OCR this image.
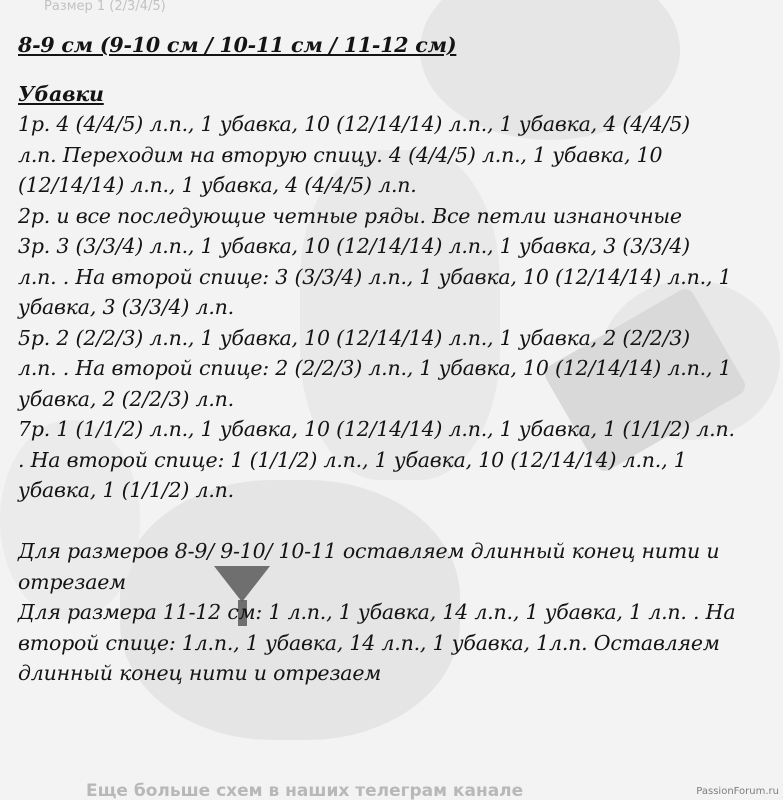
Размер 1 (2/3/4/5)
8-9 см (9-10 см / 10-11 см / 11-12 см)
Убавки
1р. 4 (4/4/5) л.п., 1 убавка, 10 (12/14/14) л.п., 1 убавка, 4 (4/4/5)
л.п. Переходим на вторую спицу. 4 (4/4/5) л.п., 1 убавка, 10
(12/14/14) л.п., 1 убавка, 4 (4/4/5) л.п.
2р. и все последующие четные ряды. Все петли изнаночные
3р. 3 (3/3/4) л.п., 1 убавка, 10 (12/14/14) л.п., 1 убавка, 3 (3/3/4)
л.п. . На второй спице: 3 (3/3/4) л.п., 1 убавка, 10 (12/14/14) л.п., 1
убавка, 3 (3/3/4) л.п.
5р. 2 (2/2/3) л.п., 1 убавка, 10 (12/14/14) л.п., 1 убавка, 2 (2/2/3)
л.п. . На второй спице: 2 (2/2/3) л.п., 1 убавка, 10 (12/14/14) л.п., 1
убавка, 2 (2/2/3) л.п.
7р. 1 (1/1/2) л.п., 1 убавка, 10 (12/14/14) л.п., 1 убавка, 1 (1/1/2) л.п.
. На второй спице: 1 (1/1/2) л.п., 1 убавка, 10 (12/14/14) л.п., 1
убавка, 1 (1/1/2) л.п.
Для размеров 8-9/ 9-10/ 10-11 оставляем длинный конец нити и
отрезаем
Для размера 11-12 см: 1 л.п., 1 убавка, 14 л.п., 1 убавка, 1 л.п. . На
второй спице: 1л.п., 1 убавка, 14 л.п., 1 убавка, 1л.п. Оставляем
длинный конец нити и отрезаем
Еще больше схем в наших телеграм канале	PassionForum.ru
